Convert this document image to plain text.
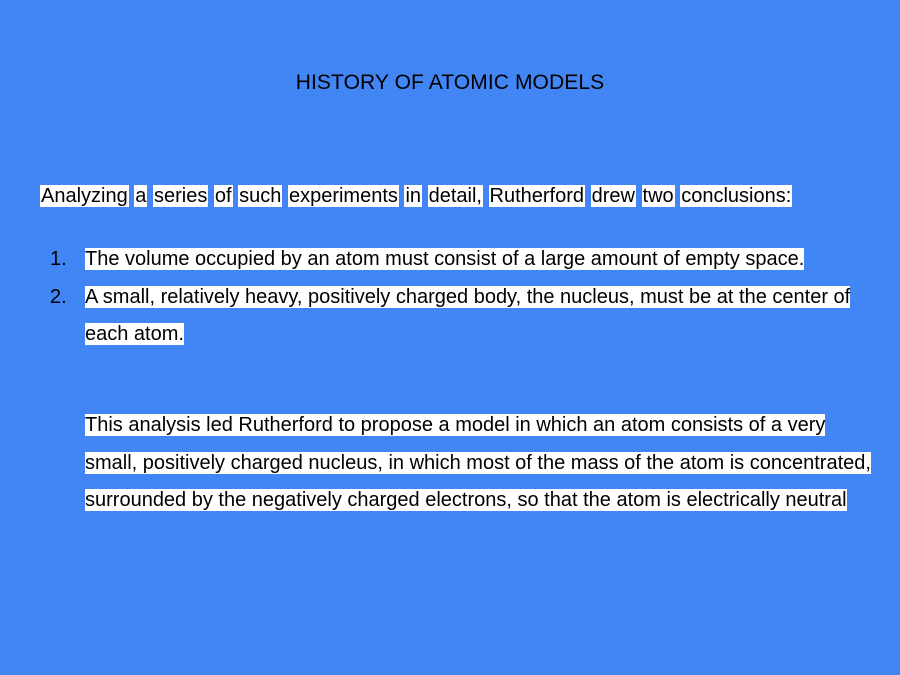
HISTORY OF ATOMIC MODELS
Analyzing a series of such experiments in detail, Rutherford drew two conclusions:
1. The volume occupied by an atom must consist of a large amount of empty space.
2. A small, relatively heavy, positively charged body, the nucleus, must be at the center of each atom.
This analysis led Rutherford to propose a model in which an atom consists of a very small, positively charged nucleus, in which most of the mass of the atom is concentrated, surrounded by the negatively charged electrons, so that the atom is electrically neutral
